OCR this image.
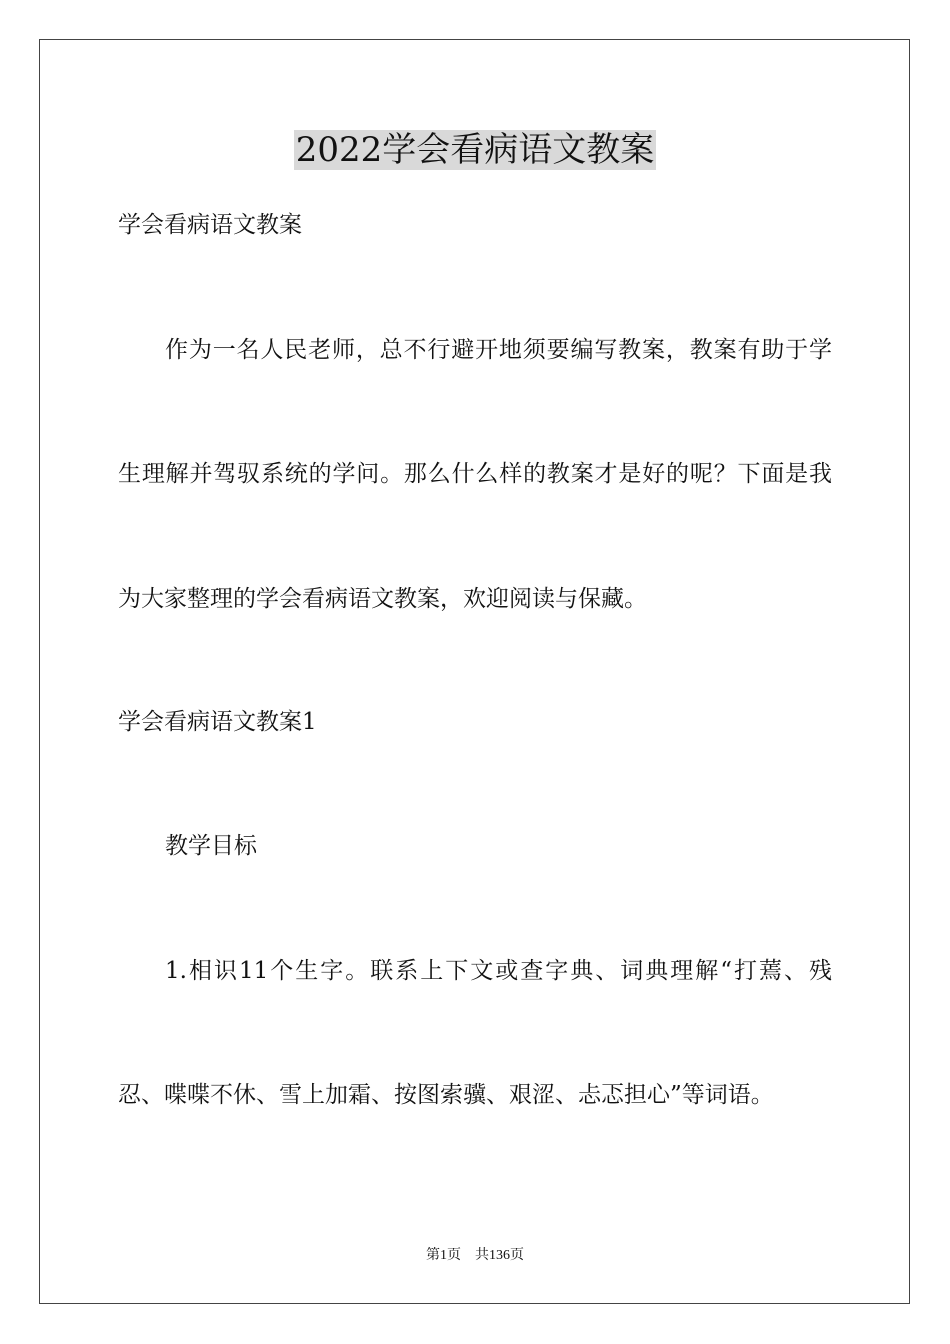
2022学会看病语文教案
学会看病语文教案
作为一名人民老师，总不行避开地须要编写教案，教案有助于学
生理解并驾驭系统的学问。那么什么样的教案才是好的呢？下面是我
为大家整理的学会看病语文教案，欢迎阅读与保藏。
学会看病语文教案1
教学目标
1.相识11个生字。联系上下文或查字典、词典理解“打蔫、残
忍、喋喋不休、雪上加霜、按图索骥、艰涩、忐忑担心”等词语。
第1页 共136页
